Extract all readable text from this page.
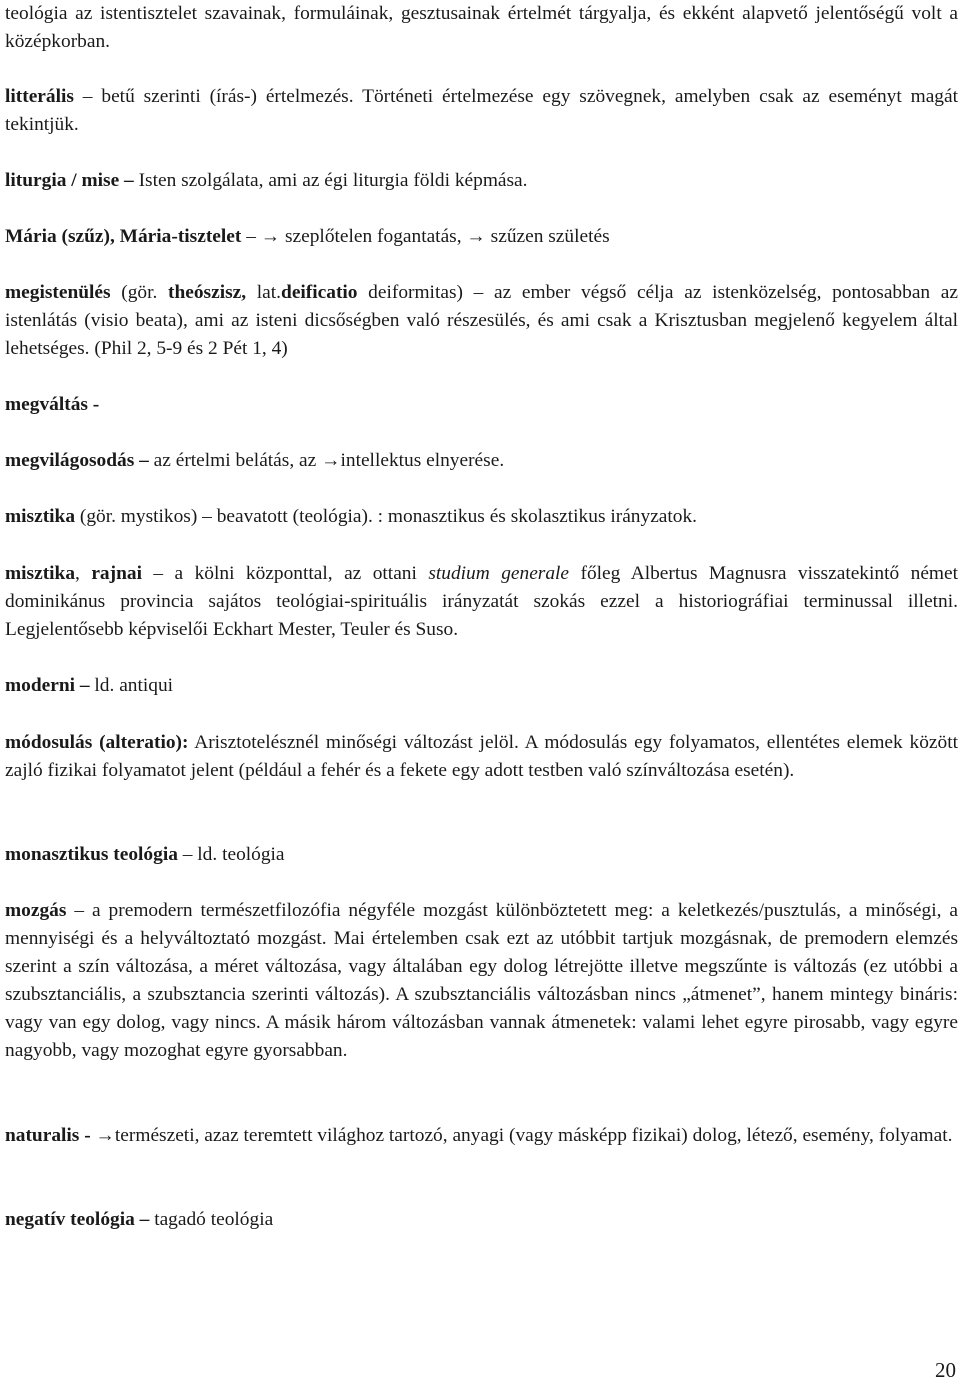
teológia az istentisztelet szavainak, formuláinak, gesztusainak értelmét tárgyalja, és ekként alapvető jelentőségű volt a középkorban.

litterális – betű szerinti (írás-) értelmezés. Történeti értelmezése egy szövegnek, amelyben csak az eseményt magát tekintjük.

liturgia / mise – Isten szolgálata, ami az égi liturgia földi képmása.

Mária (szűz), Mária-tisztelet – → szeplőtelen fogantatás, → szűzen születés

megistenülés (gör. theószisz, lat.deificatio deiformitas) – az ember végső célja az istenközelség, pontosabban az istenlátás (visio beata), ami az isteni dicsőségben való részesülés, és ami csak a Krisztusban megjelenő kegyelem által lehetséges. (Phil 2, 5-9 és 2 Pét 1, 4)

megváltás -

megvilágosodás – az értelmi belátás, az →intellektus elnyerése.

misztika (gör. mystikos) – beavatott (teológia). : monasztikus és skolasztikus irányzatok.

misztika, rajnai – a kölni központtal, az ottani studium generale főleg Albertus Magnusra visszatekintő német dominikánus provincia sajátos teológiai-spirituális irányzatát szokás ezzel a historiográfiai terminussal illetni. Legjelentősebb képviselői Eckhart Mester, Teuler és Suso.

moderni – ld. antiqui

módosulás (alteratio): Arisztotelésznél minőségi változást jelöl. A módosulás egy folyamatos, ellentétes elemek között zajló fizikai folyamatot jelent (például a fehér és a fekete egy adott testben való színváltozása esetén).

monasztikus teológia – ld. teológia

mozgás – a premodern természetfilozófia négyféle mozgást különböztetett meg: a keletkezés/pusztulás, a minőségi, a mennyiségi és a helyváltoztató mozgást. Mai értelemben csak ezt az utóbbit tartjuk mozgásnak, de premodern elemzés szerint a szín változása, a méret változása, vagy általában egy dolog létrejötte illetve megszűnte is változás (ez utóbbi a szubsztanciális, a szubsztancia szerinti változás). A szubsztanciális változásban nincs „átmenet”, hanem mintegy bináris: vagy van egy dolog, vagy nincs. A másik három változásban vannak átmenetek: valami lehet egyre pirosabb, vagy egyre nagyobb, vagy mozoghat egyre gyorsabban.

naturalis - →természeti, azaz teremtett világhoz tartozó, anyagi (vagy másképp fizikai) dolog, létező, esemény, folyamat.

negatív teológia – tagadó teológia

20
